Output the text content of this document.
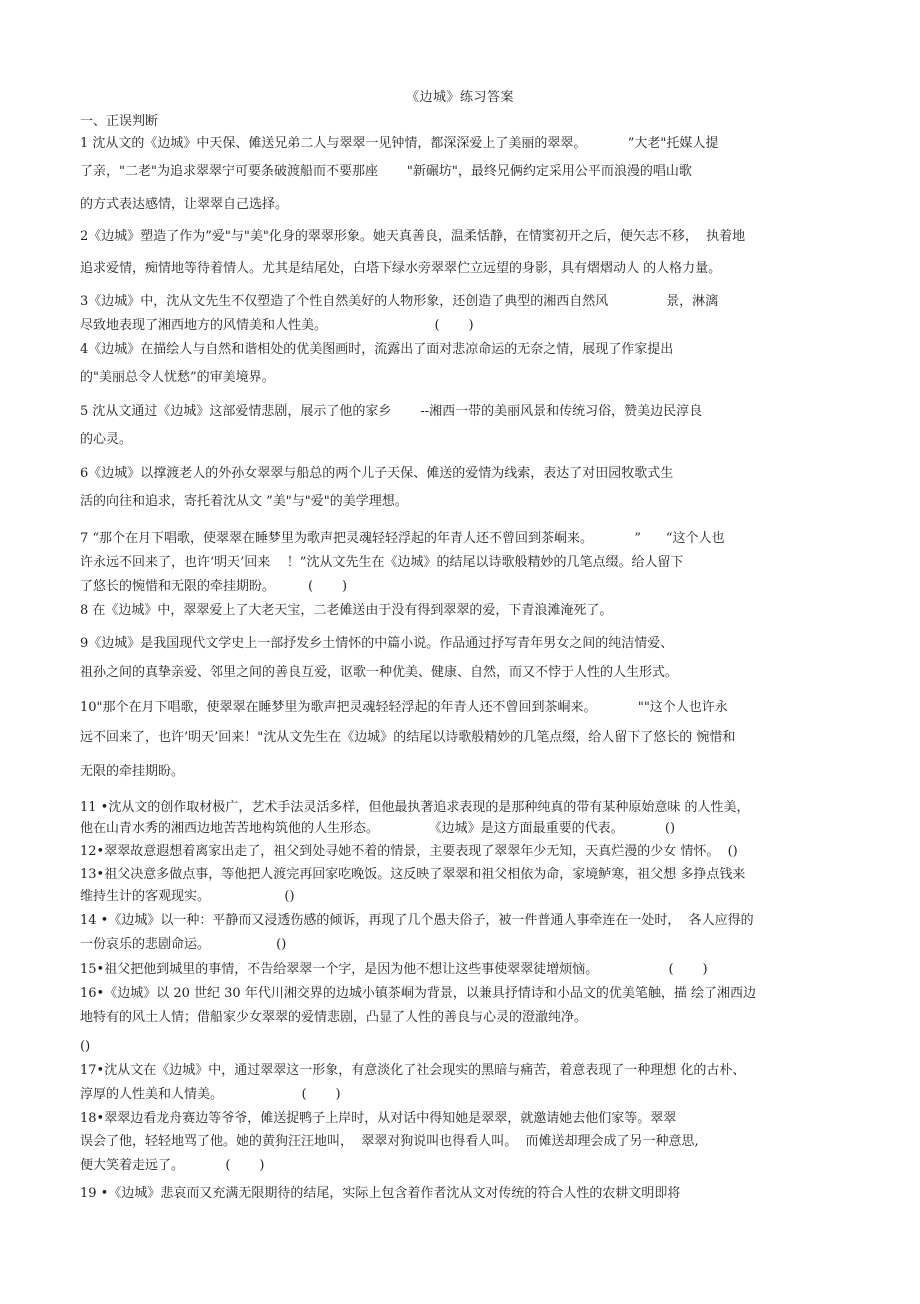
《边城》练习答案
一、正误判断
1 沈从文的《边城》中天保、傩送兄弟二人与翠翠一见钟情，都深深爱上了美丽的翠翠。          ”大老"托媒人提
了亲，"二老"为追求翠翠宁可要条破渡船而不要那座       "新碾坊"，最终兄俩约定采用公平而浪漫的唱山歌
的方式表达感情，让翠翠自己选择。
2《边城》塑造了作为”爱"与"美"化身的翠翠形象。她天真善良，温柔恬静，在情窦初开之后，便矢志不移，  执着地
追求爱情，痴情地等待着情人。尤其是结尾处，白塔下绿水旁翠翠伫立远望的身影，具有熠熠动人 的人格力量。
3《边城》中，沈从文先生不仅塑造了个性自然美好的人物形象，还创造了典型的湘西自然风              景，淋漓
尽致地表现了湘西地方的风情美和人性美。                          (       )
4《边城》在描绘人与自然和谐相处的优美图画时，流露出了面对悲凉命运的无奈之情，展现了作家提出
的"美丽总令人忧愁”的审美境界。
5 沈从文通过《边城》这部爱情悲剧，展示了他的家乡       --湘西一带的美丽风景和传统习俗，赞美边民淳良
的心灵。
6《边城》以撑渡老人的外孙女翠翠与船总的两个儿子天保、傩送的爱情为线索，表达了对田园牧歌式生
活的向往和追求，寄托着沈从文 ”美"与"爱"的美学理想。
7 “那个在月下唱歌，使翠翠在睡梦里为歌声把灵魂轻轻浮起的年青人还不曾回到茶峒来。          ”      “这个人也
许永远不回来了，也许‘明天’回来    ！”沈从文先生在《边城》的结尾以诗歌般精妙的几笔点缀。给人留下
了悠长的惋惜和无限的牵挂期盼。        (       )
8 在《边城》中，翠翠爱上了大老天宝，二老傩送由于没有得到翠翠的爱，下青浪滩淹死了。
9《边城》是我国现代文学史上一部抒发乡土情怀的中篇小说。作品通过抒写青年男女之间的纯洁情爱、
祖孙之间的真挚亲爱、邻里之间的善良互爱，讴歌一种优美、健康、自然，而又不悖于人性的人生形式。
10"那个在月下唱歌，使翠翠在睡梦里为歌声把灵魂轻轻浮起的年青人还不曾回到茶峒来。          ""这个人也许永
远不回来了，也许’明天’回来！"沈从文先生在《边城》的结尾以诗歌般精妙的几笔点缀，给人留下了悠长的 惋惜和
无限的牵挂期盼。
11 •沈从文的创作取材极广，艺术手法灵活多样，但他最执著追求表现的是那种纯真的带有某种原始意味 的人性美，
他在山青水秀的湘西边地苦苦地构筑他的人生形态。            《边城》是这方面最重要的代表。          ()
12•翠翠故意遐想着离家出走了，祖父到处寻她不着的情景，主要表现了翠翠年少无知，天真烂漫的少女 情怀。  ()
13•祖父决意多做点事，等他把人渡完再回家吃晚饭。这反映了翠翠和祖父相依为命，家境鲈寒，祖父想 多挣点钱来
维持生计的客观现实。                  ()
14 •《边城》以一种：平静而又浸透伤感的倾诉，再现了几个愚夫俗子，被一件普通人事牵连在一处时，  各人应得的
一份哀乐的悲剧命运。                ()
15•祖父把他到城里的事情，不告给翠翠一个字，是因为他不想让这些事使翠翠徒增烦恼。                 (       )
16•《边城》以 20 世纪 30 年代川湘交界的边城小镇茶峒为背景，以兼具抒情诗和小品文的优美笔触，描 绘了湘西边
地特有的风土人情；借船家少女翠翠的爱情悲剧，凸显了人性的善良与心灵的澄澈纯净。
()
17•沈从文在《边城》中，通过翠翠这一形象，有意淡化了社会现实的黑暗与痛苦，着意表现了一种理想 化的古朴、
淳厚的人性美和人情美。                   (       )
18•翠翠边看龙舟赛边等爷爷，傩送捉鸭子上岸时，从对话中得知她是翠翠，就邀请她去他们家等。翠翠
误会了他，轻轻地骂了他。她的黄狗汪汪地叫，  翠翠对狗说叫也得看人叫。  而傩送却理会成了另一种意思,
便大笑着走远了。          (       )
19 •《边城》悲哀而又充满无限期待的结尾，实际上包含着作者沈从文对传统的符合人性的农耕文明即将
